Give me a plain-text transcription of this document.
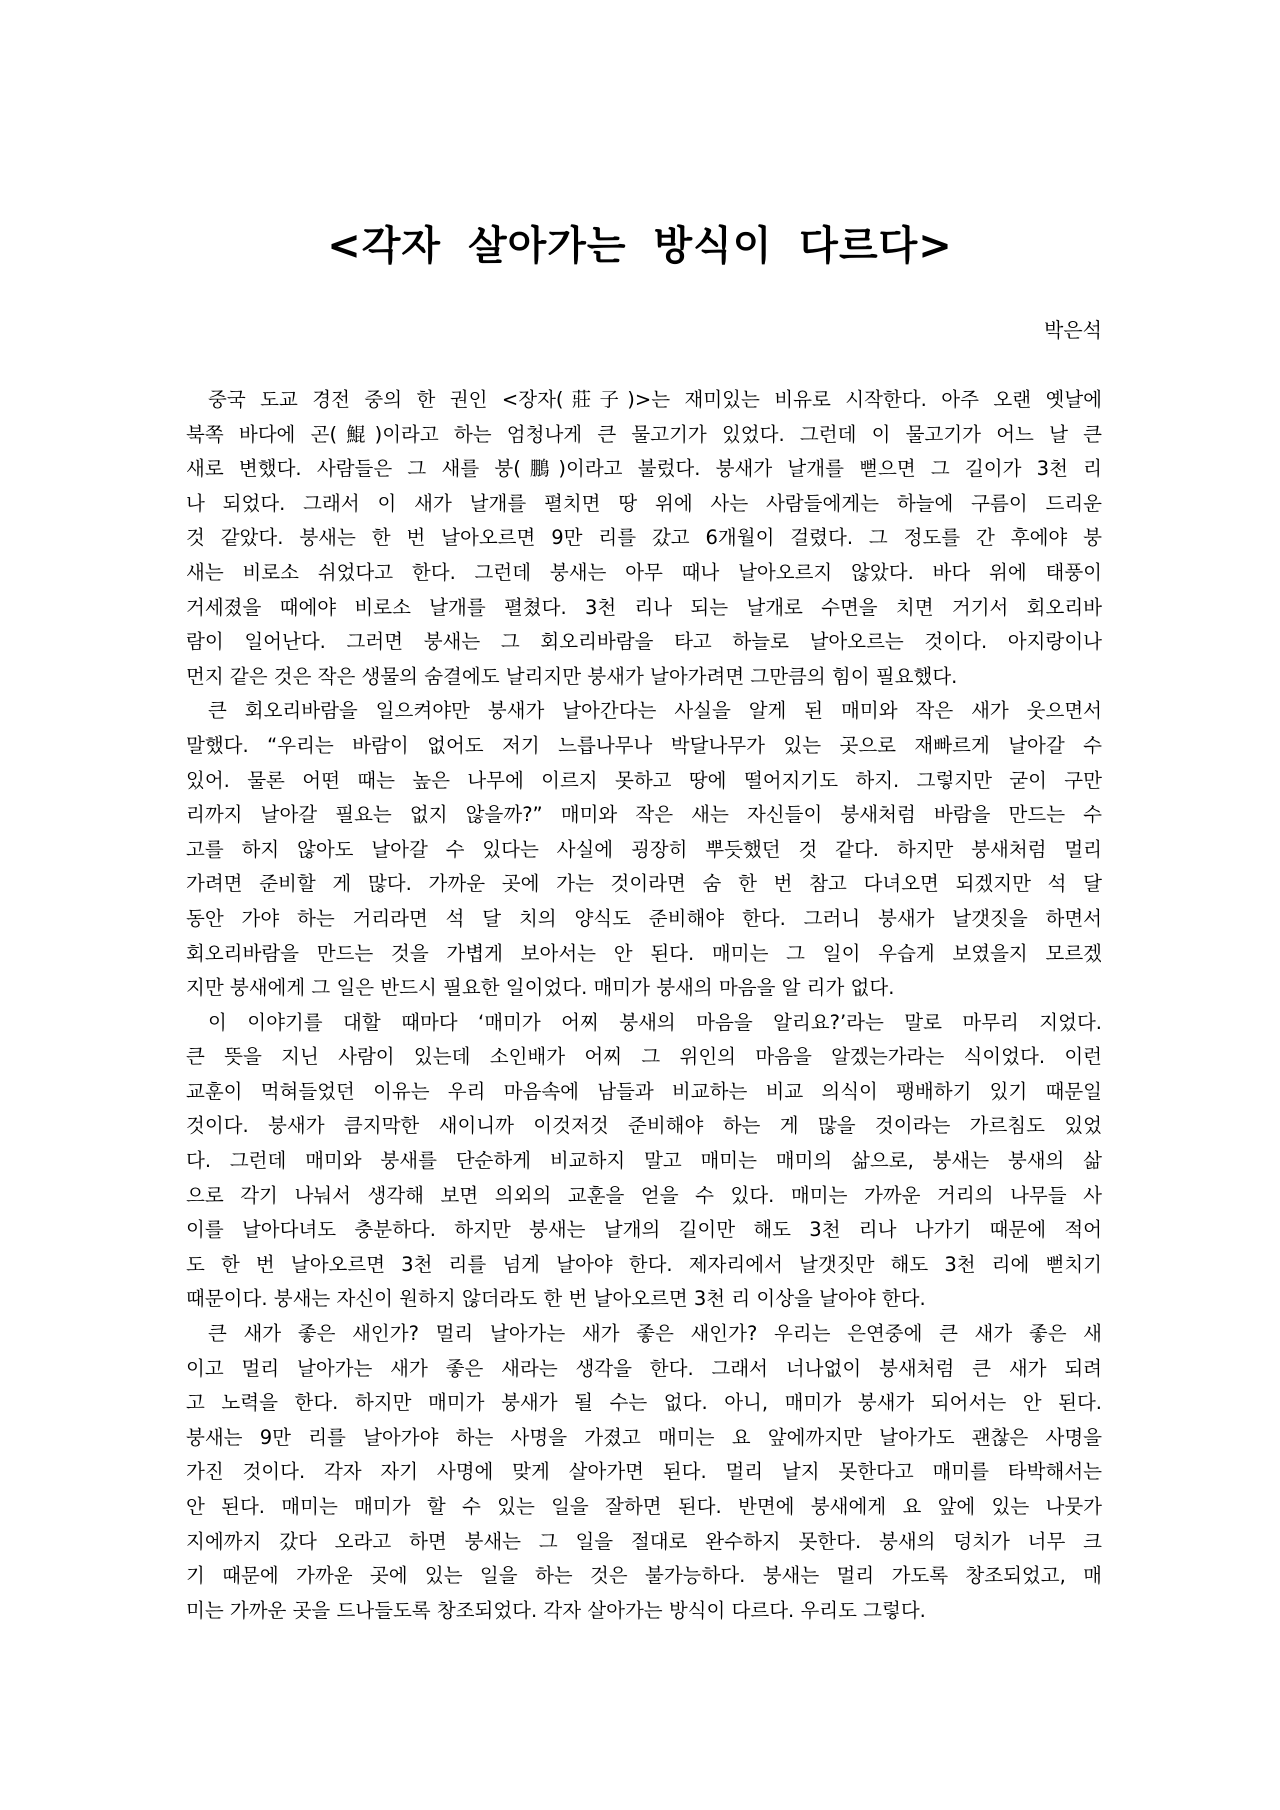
<각자 살아가는 방식이 다르다>
박은석
중국 도교 경전 중의 한 권인 <장자(莊子)>는 재미있는 비유로 시작한다. 아주 오랜 옛날에
북쪽 바다에 곤(鯤)이라고 하는 엄청나게 큰 물고기가 있었다. 그런데 이 물고기가 어느 날 큰
새로 변했다. 사람들은 그 새를 붕(鵬)이라고 불렀다. 붕새가 날개를 뻗으면 그 길이가 3천 리
나 되었다. 그래서 이 새가 날개를 펼치면 땅 위에 사는 사람들에게는 하늘에 구름이 드리운
것 같았다. 붕새는 한 번 날아오르면 9만 리를 갔고 6개월이 걸렸다. 그 정도를 간 후에야 붕
새는 비로소 쉬었다고 한다. 그런데 붕새는 아무 때나 날아오르지 않았다. 바다 위에 태풍이
거세졌을 때에야 비로소 날개를 펼쳤다. 3천 리나 되는 날개로 수면을 치면 거기서 회오리바
람이 일어난다. 그러면 붕새는 그 회오리바람을 타고 하늘로 날아오르는 것이다. 아지랑이나
먼지 같은 것은 작은 생물의 숨결에도 날리지만 붕새가 날아가려면 그만큼의 힘이 필요했다.
큰 회오리바람을 일으켜야만 붕새가 날아간다는 사실을 알게 된 매미와 작은 새가 웃으면서
말했다. “우리는 바람이 없어도 저기 느릅나무나 박달나무가 있는 곳으로 재빠르게 날아갈 수
있어. 물론 어떤 때는 높은 나무에 이르지 못하고 땅에 떨어지기도 하지. 그렇지만 굳이 구만
리까지 날아갈 필요는 없지 않을까?” 매미와 작은 새는 자신들이 붕새처럼 바람을 만드는 수
고를 하지 않아도 날아갈 수 있다는 사실에 굉장히 뿌듯했던 것 같다. 하지만 붕새처럼 멀리
가려면 준비할 게 많다. 가까운 곳에 가는 것이라면 숨 한 번 참고 다녀오면 되겠지만 석 달
동안 가야 하는 거리라면 석 달 치의 양식도 준비해야 한다. 그러니 붕새가 날갯짓을 하면서
회오리바람을 만드는 것을 가볍게 보아서는 안 된다. 매미는 그 일이 우습게 보였을지 모르겠
지만 붕새에게 그 일은 반드시 필요한 일이었다. 매미가 붕새의 마음을 알 리가 없다.
이 이야기를 대할 때마다 ‘매미가 어찌 붕새의 마음을 알리요?’라는 말로 마무리 지었다.
큰 뜻을 지닌 사람이 있는데 소인배가 어찌 그 위인의 마음을 알겠는가라는 식이었다. 이런
교훈이 먹혀들었던 이유는 우리 마음속에 남들과 비교하는 비교 의식이 팽배하기 있기 때문일
것이다. 붕새가 큼지막한 새이니까 이것저것 준비해야 하는 게 많을 것이라는 가르침도 있었
다. 그런데 매미와 붕새를 단순하게 비교하지 말고 매미는 매미의 삶으로, 붕새는 붕새의 삶
으로 각기 나눠서 생각해 보면 의외의 교훈을 얻을 수 있다. 매미는 가까운 거리의 나무들 사
이를 날아다녀도 충분하다. 하지만 붕새는 날개의 길이만 해도 3천 리나 나가기 때문에 적어
도 한 번 날아오르면 3천 리를 넘게 날아야 한다. 제자리에서 날갯짓만 해도 3천 리에 뻗치기
때문이다. 붕새는 자신이 원하지 않더라도 한 번 날아오르면 3천 리 이상을 날아야 한다.
큰 새가 좋은 새인가? 멀리 날아가는 새가 좋은 새인가? 우리는 은연중에 큰 새가 좋은 새
이고 멀리 날아가는 새가 좋은 새라는 생각을 한다. 그래서 너나없이 붕새처럼 큰 새가 되려
고 노력을 한다. 하지만 매미가 붕새가 될 수는 없다. 아니, 매미가 붕새가 되어서는 안 된다.
붕새는 9만 리를 날아가야 하는 사명을 가졌고 매미는 요 앞에까지만 날아가도 괜찮은 사명을
가진 것이다. 각자 자기 사명에 맞게 살아가면 된다. 멀리 날지 못한다고 매미를 타박해서는
안 된다. 매미는 매미가 할 수 있는 일을 잘하면 된다. 반면에 붕새에게 요 앞에 있는 나뭇가
지에까지 갔다 오라고 하면 붕새는 그 일을 절대로 완수하지 못한다. 붕새의 덩치가 너무 크
기 때문에 가까운 곳에 있는 일을 하는 것은 불가능하다. 붕새는 멀리 가도록 창조되었고, 매
미는 가까운 곳을 드나들도록 창조되었다. 각자 살아가는 방식이 다르다. 우리도 그렇다.
